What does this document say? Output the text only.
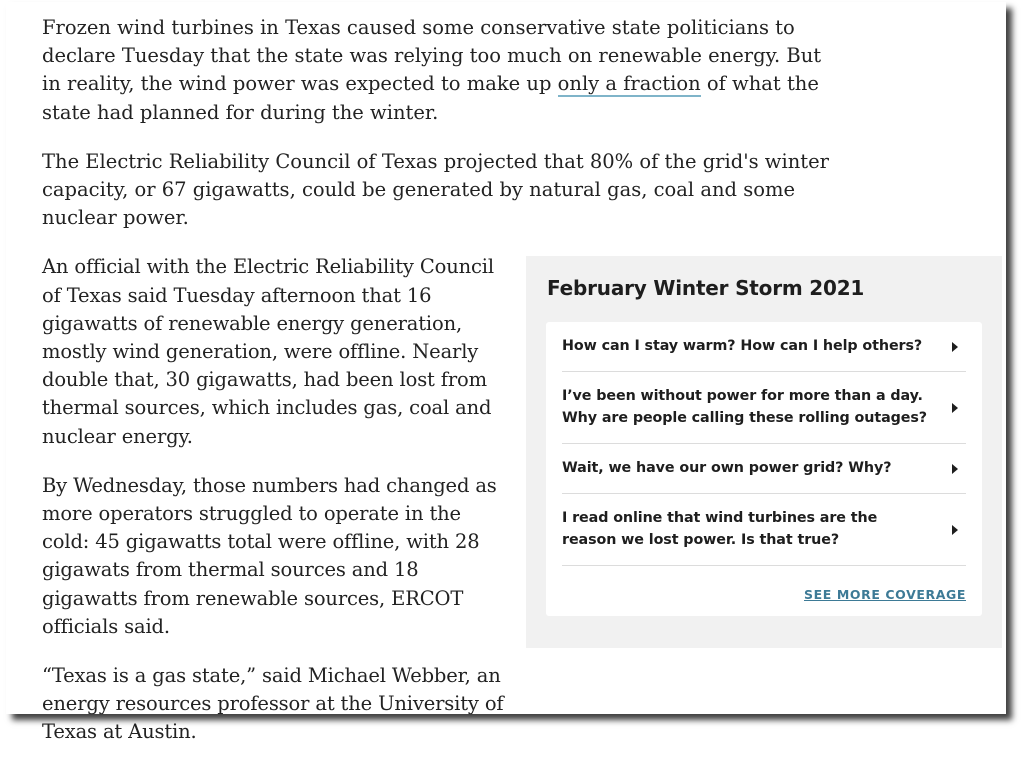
Frozen wind turbines in Texas caused some conservative state politicians to declare Tuesday that the state was relying too much on renewable energy. But in reality, the wind power was expected to make up only a fraction of what the state had planned for during the winter.

The Electric Reliability Council of Texas projected that 80% of the grid's winter capacity, or 67 gigawatts, could be generated by natural gas, coal and some nuclear power.

An official with the Electric Reliability Council of Texas said Tuesday afternoon that 16 gigawatts of renewable energy generation, mostly wind generation, were offline. Nearly double that, 30 gigawatts, had been lost from thermal sources, which includes gas, coal and nuclear energy.

By Wednesday, those numbers had changed as more operators struggled to operate in the cold: 45 gigawatts total were offline, with 28 gigawats from thermal sources and 18 gigawatts from renewable sources, ERCOT officials said.

“Texas is a gas state,” said Michael Webber, an energy resources professor at the University of Texas at Austin.

February Winter Storm 2021
How can I stay warm? How can I help others?
I’ve been without power for more than a day. Why are people calling these rolling outages?
Wait, we have our own power grid? Why?
I read online that wind turbines are the reason we lost power. Is that true?
SEE MORE COVERAGE
